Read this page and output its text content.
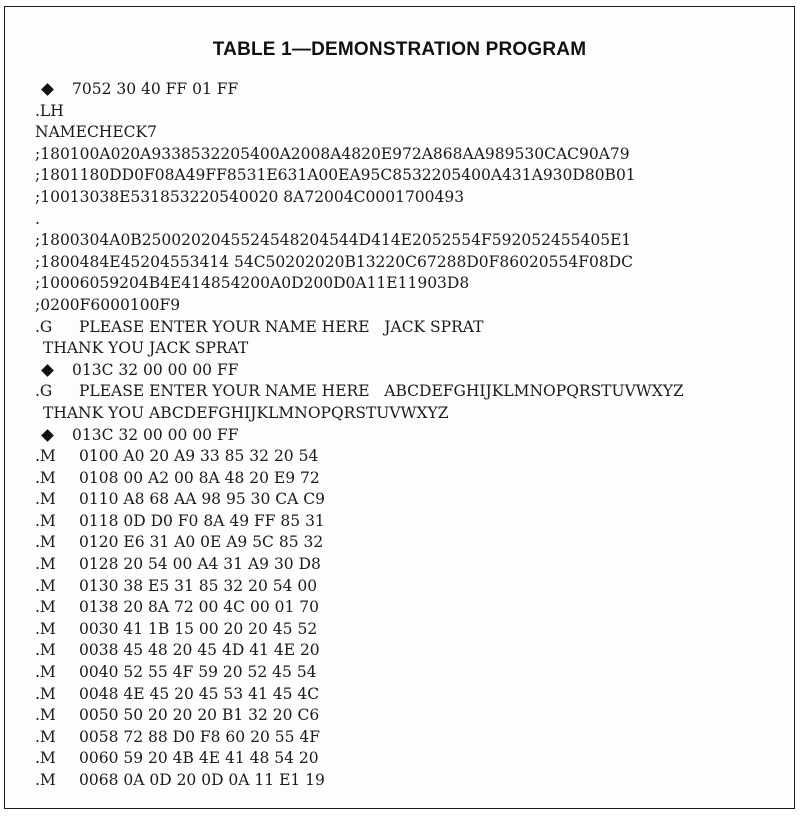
TABLE 1—DEMONSTRATION PROGRAM
7052 30 40 FF 01 FF
.LH
NAMECHECK7
;180100A020A9338532205400A2008A4820E972A868AA989530CAC90A79
;1801180DD0F08A49FF8531E631A00EA95C8532205400A431A930D80B01
;10013038E531853220540020 8A72004C0001700493
.
;1800304A0B2500202045524548204544D414E2052554F592052455405E1
;1800484E45204553414 54C50202020B13220C67288D0F86020554F08DC
;10006059204B4E414854200A0D200D0A11E11903D8
;0200F6000100F9
.G PLEASE ENTER YOUR NAME HERE   JACK SPRAT
THANK YOU JACK SPRAT
013C 32 00 00 00 FF
.G PLEASE ENTER YOUR NAME HERE   ABCDEFGHIJKLMNOPQRSTUVWXYZ
THANK YOU ABCDEFGHIJKLMNOPQRSTUVWXYZ
013C 32 00 00 00 FF
.M 0100 A0 20 A9 33 85 32 20 54
.M 0108 00 A2 00 8A 48 20 E9 72
.M 0110 A8 68 AA 98 95 30 CA C9
.M 0118 0D D0 F0 8A 49 FF 85 31
.M 0120 E6 31 A0 0E A9 5C 85 32
.M 0128 20 54 00 A4 31 A9 30 D8
.M 0130 38 E5 31 85 32 20 54 00
.M 0138 20 8A 72 00 4C 00 01 70
.M 0030 41 1B 15 00 20 20 45 52
.M 0038 45 48 20 45 4D 41 4E 20
.M 0040 52 55 4F 59 20 52 45 54
.M 0048 4E 45 20 45 53 41 45 4C
.M 0050 50 20 20 20 B1 32 20 C6
.M 0058 72 88 D0 F8 60 20 55 4F
.M 0060 59 20 4B 4E 41 48 54 20
.M 0068 0A 0D 20 0D 0A 11 E1 19
